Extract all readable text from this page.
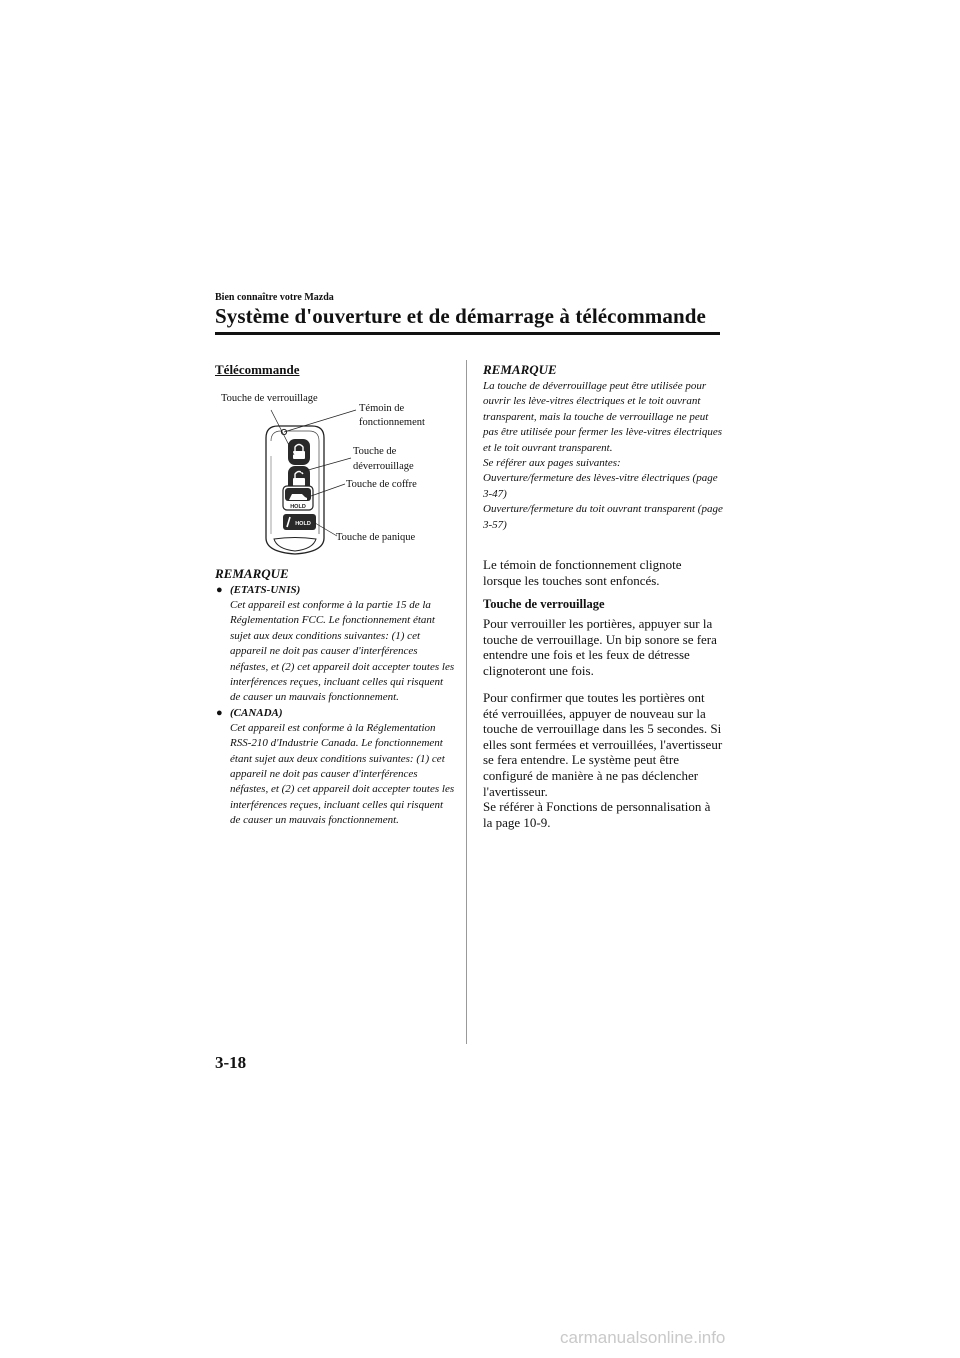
Bien connaître votre Mazda
Système d'ouverture et de démarrage à télécommande
Télécommande
HOLD
HOLD
Touche de verrouillage
Témoin de
fonctionnement
Touche de
déverrouillage
Touche de coffre
Touche de panique
REMARQUE
● (ETATS-UNIS)
Cet appareil est conforme à la partie 15 de la Réglementation FCC. Le fonctionnement étant sujet aux deux conditions suivantes: (1) cet appareil ne doit pas causer d'interférences néfastes, et (2) cet appareil doit accepter toutes les interférences reçues, incluant celles qui risquent de causer un mauvais fonctionnement.
● (CANADA)
Cet appareil est conforme à la Réglementation RSS-210 d'Industrie Canada. Le fonctionnement étant sujet aux deux conditions suivantes: (1) cet appareil ne doit pas causer d'interférences néfastes, et (2) cet appareil doit accepter toutes les interférences reçues, incluant celles qui risquent de causer un mauvais fonctionnement.
REMARQUE
La touche de déverrouillage peut être utilisée pour ouvrir les lève-vitres électriques et le toit ouvrant transparent, mais la touche de verrouillage ne peut pas être utilisée pour fermer les lève-vitres électriques et le toit ouvrant transparent.
Se référer aux pages suivantes:
Ouverture/fermeture des lèves-vitre électriques (page 3-47)
Ouverture/fermeture du toit ouvrant transparent (page 3-57)
Le témoin de fonctionnement clignote lorsque les touches sont enfoncés.
Touche de verrouillage
Pour verrouiller les portières, appuyer sur la touche de verrouillage. Un bip sonore se fera entendre une fois et les feux de détresse clignoteront une fois.
Pour confirmer que toutes les portières ont été verrouillées, appuyer de nouveau sur la touche de verrouillage dans les 5 secondes. Si elles sont fermées et verrouillées, l'avertisseur se fera entendre. Le système peut être configuré de manière à ne pas déclencher l'avertisseur.
Se référer à Fonctions de personnalisation à la page 10-9.
3-18
carmanualsonline.info
